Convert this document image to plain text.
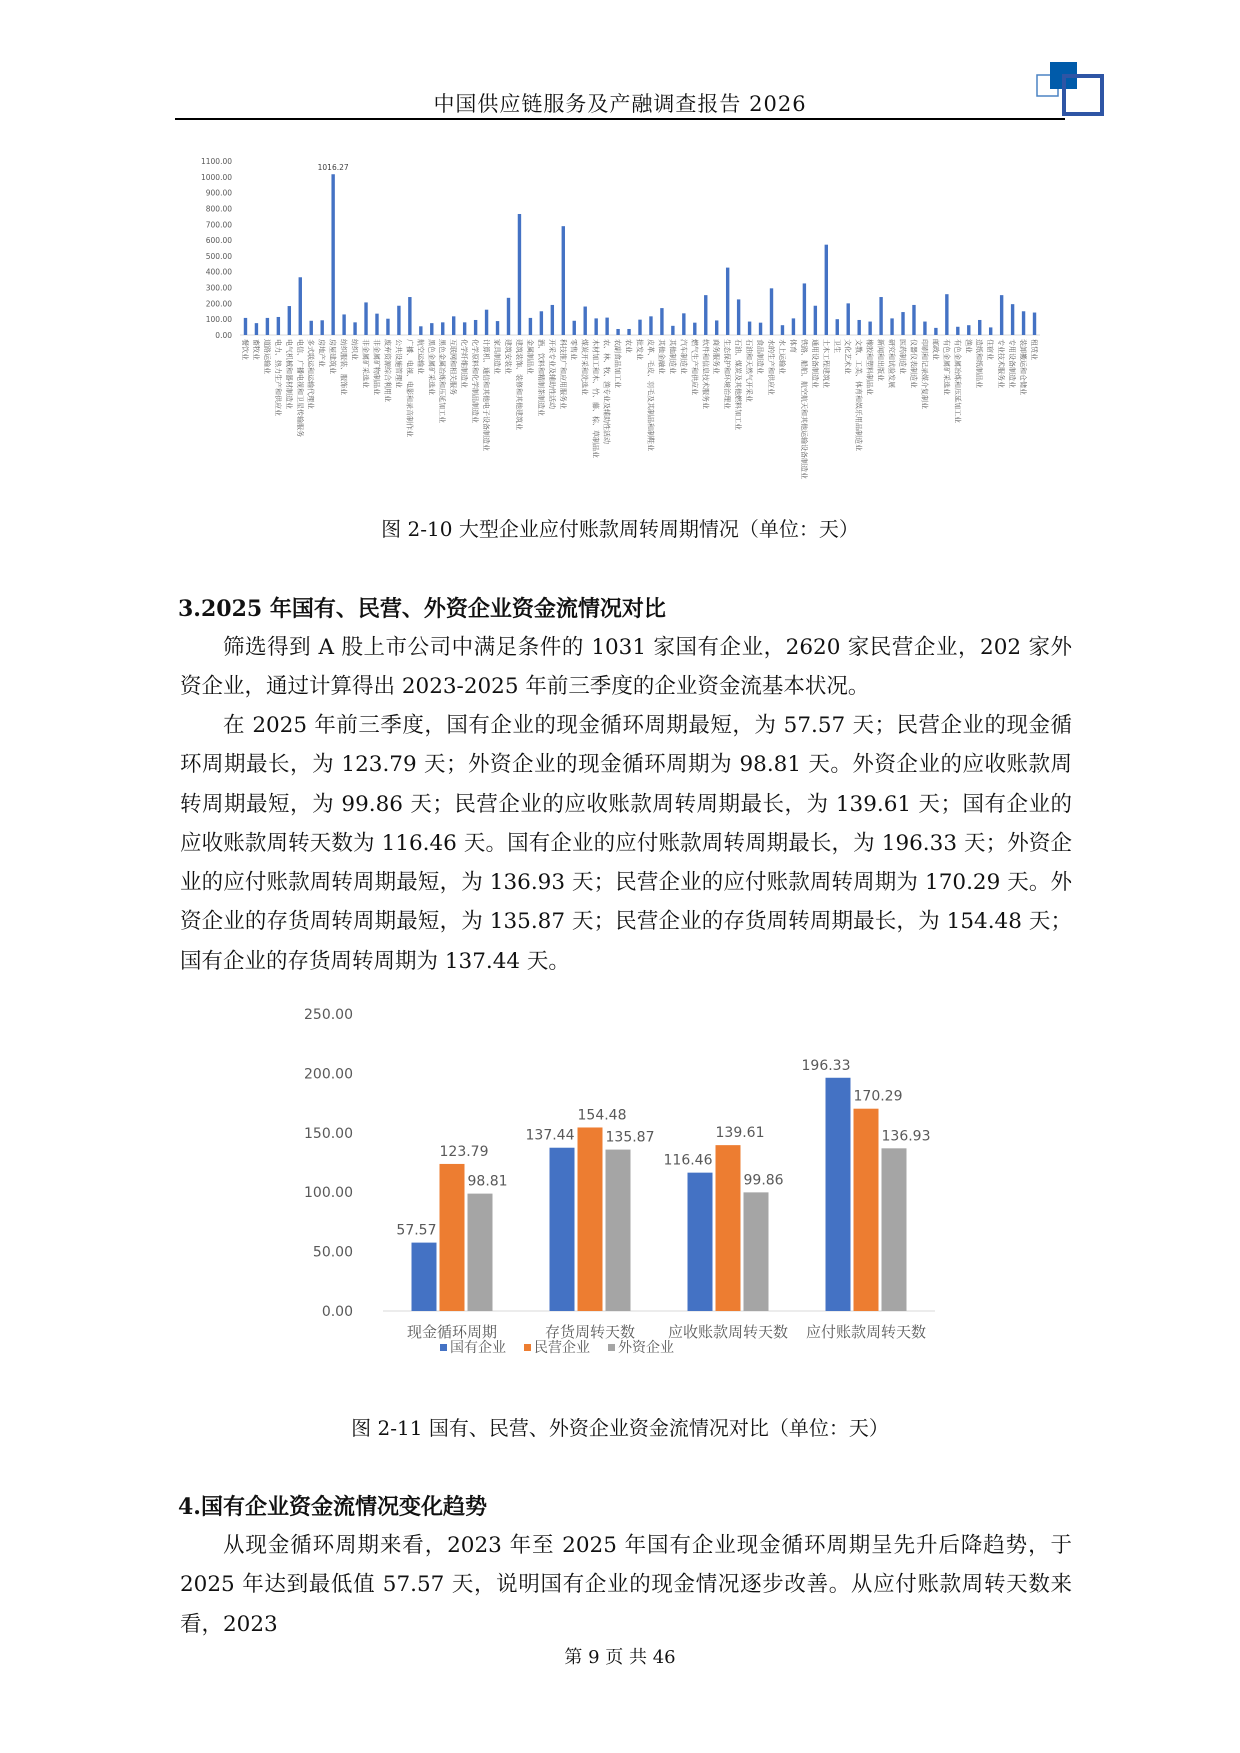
中国供应链服务及产融调查报告 2026
0.00
100.00
200.00
300.00
400.00
500.00
600.00
700.00
800.00
900.00
1000.00
1100.00
餐饮业 畜牧业 道路运输业 电力、热力生产和供应业 电气机械和器材制造业 电信、广播电视和卫星传输服务 多式联运和运输代理业 房地产业 房屋建筑业
1016.27
纺织服装、服饰业 纺织业 非金属矿采选业 非金属矿物制品业 废弃资源综合利用业 公共设施管理业 广播、电视、电影和录音制作业 航空运输业 黑色金属矿采选业 黑色金属冶炼和压延加工业 互联网和相关服务 化学纤维制造业 化学原料和化学制品制造业 计算机、通信和其他电子设备制造业 家具制造业 建筑安装业 建筑装饰、装修和其他建筑业 金属制品业 酒、饮料和精制茶制造业 开采专业及辅助性活动 科技推广和应用服务业 零售业 煤炭开采和洗选业 木材加工和木、竹、藤、棕、草制品业 农、林、牧、渔专业及辅助性活动 农副食品加工业 农业 批发业 皮革、毛皮、羽毛及其制品和制鞋业 其他金融业 其他制造业 汽车制造业 燃气生产和供应业 软件和信息技术服务业 商务服务业 生态保护和环境治理业 石油、煤炭及其他燃料加工业 石油和天然气开采业 食品制造业 水的生产和供应业 水上运输业 体育 铁路、船舶、航空航天和其他运输设备制造业 通用设备制造业 土木工程建筑业 卫生 文化艺术业 文教、工美、体育和娱乐用品制造业 橡胶和塑料制品业 新闻和出版业 研究和试验发展 医药制造业 仪器仪表制造业 印刷和记录媒介复制业 邮政业 有色金属矿采选业 有色金属冶炼和压延加工业 渔业 造纸和纸制品业 住宿业 专业技术服务业 专用设备制造业 装卸搬运和仓储业 租赁业
图 2-10 大型企业应付账款周转周期情况（单位：天）
3.2025 年国有、民营、外资企业资金流情况对比
筛选得到 A 股上市公司中满足条件的 1031 家国有企业，2620 家民营企业，202 家外资企业，通过计算得出 2023-2025 年前三季度的企业资金流基本状况。
在 2025 年前三季度，国有企业的现金循环周期最短，为 57.57 天；民营企业的现金循环周期最长，为 123.79 天；外资企业的现金循环周期为 98.81 天。外资企业的应收账款周转周期最短，为 99.86 天；民营企业的应收账款周转周期最长，为 139.61 天；国有企业的应收账款周转天数为 116.46 天。国有企业的应付账款周转周期最长，为 196.33 天；外资企业的应付账款周转周期最短，为 136.93 天；民营企业的应付账款周转周期为 170.29 天。外资企业的存货周转周期最短，为 135.87 天；民营企业的存货周转周期最长，为 154.48 天；国有企业的存货周转周期为 137.44 天。
0.00
50.00
100.00
150.00
200.00
250.00
现金循环周期	存货周转天数 应收账款周转天数 应付账款周转天数
57.57
123.79
98.81
137.44
154.48
135.87
116.46
139.61
99.86
196.33
170.29
136.93
国有企业 民营企业 外资企业
图 2-11 国有、民营、外资企业资金流情况对比（单位：天）
4.国有企业资金流情况变化趋势
从现金循环周期来看，2023 年至 2025 年国有企业现金循环周期呈先升后降趋势，于 2025 年达到最低值 57.57 天，说明国有企业的现金情况逐步改善。从应付账款周转天数来看，2023
第 9 页 共 46
